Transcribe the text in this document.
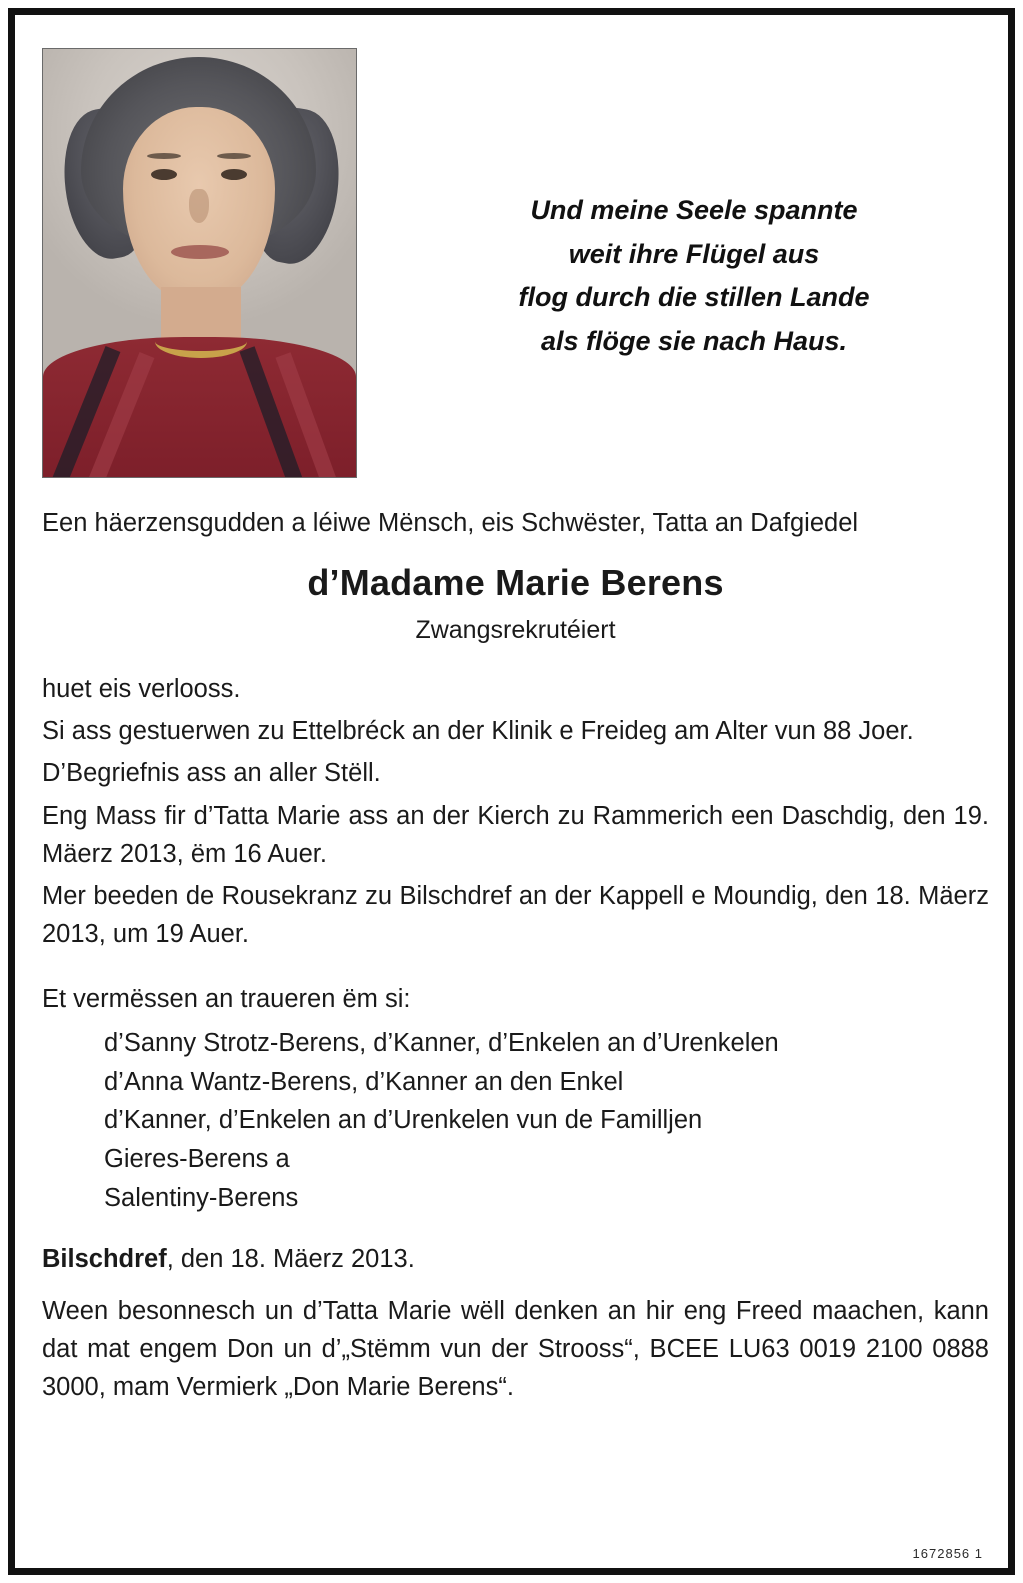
Und meine Seele spannte
weit ihre Flügel aus
flog durch die stillen Lande
als flöge sie nach Haus.

Een häerzensgudden a léiwe Mënsch, eis Schwëster, Tatta an Dafgiedel

d’Madame Marie Berens
Zwangsrekrutéiert

huet eis verlooss.

Si ass gestuerwen zu Ettelbréck an der Klinik e Freideg am Alter vun 88 Joer.

D’Begriefnis ass an aller Stëll.

Eng Mass fir d’Tatta Marie ass an der Kierch zu Rammerich een Daschdig, den 19. Mäerz 2013, ëm 16 Auer.

Mer beeden de Rousekranz zu Bilschdref an der Kappell e Moundig, den 18. Mäerz 2013, um 19 Auer.

Et vermëssen an traueren ëm si:

d’Sanny Strotz-Berens, d’Kanner, d’Enkelen an d’Urenkelen
d’Anna Wantz-Berens, d’Kanner an den Enkel
d’Kanner, d’Enkelen an d’Urenkelen vun de Familljen
Gieres-Berens a
Salentiny-Berens

Bilschdref, den 18. Mäerz 2013.

Ween besonnesch un d’Tatta Marie wëll denken an hir eng Freed maachen, kann dat mat engem Don un d’„Stëmm vun der Strooss“, BCEE LU63 0019 2100 0888 3000, mam Vermierk „Don Marie Berens“.

1672856 1
